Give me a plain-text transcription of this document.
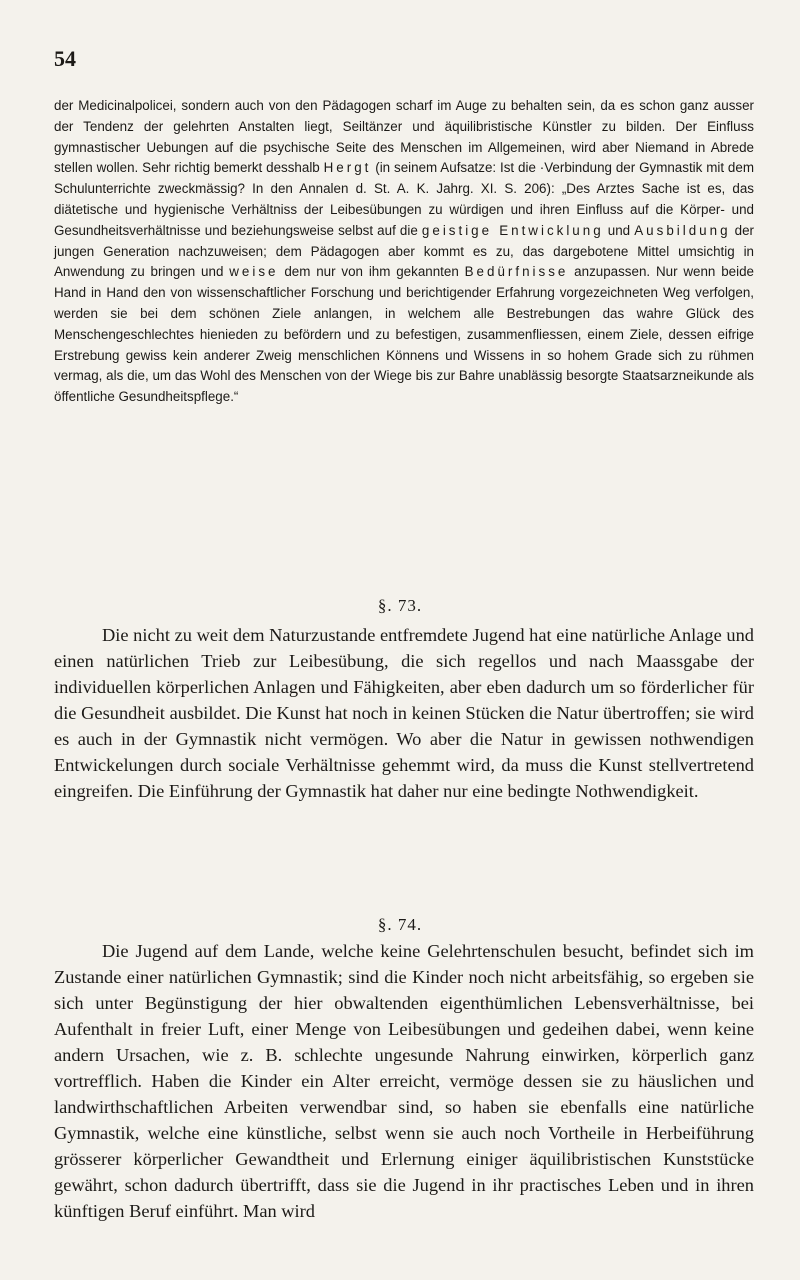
54
der Medicinalpolicei, sondern auch von den Pädagogen scharf im Auge zu behalten sein, da es schon ganz ausser der Tendenz der gelehrten Anstalten liegt, Seiltänzer und äquilibristische Künstler zu bilden. Der Einfluss gymnastischer Uebungen auf die psychische Seite des Menschen im Allgemeinen, wird aber Niemand in Abrede stellen wollen. Sehr richtig bemerkt desshalb Hergt (in seinem Aufsatze: Ist die ·Verbindung der Gymnastik mit dem Schulunterrichte zweckmässig? In den Annalen d. St. A. K. Jahrg. XI. S. 206): „Des Arztes Sache ist es, das diätetische und hygienische Verhältniss der Leibesübungen zu würdigen und ihren Einfluss auf die Körper- und Gesundheitsverhältnisse und beziehungsweise selbst auf die geistige Entwicklung und Ausbildung der jungen Generation nachzuweisen; dem Pädagogen aber kommt es zu, das dargebotene Mittel umsichtig in Anwendung zu bringen und weise dem nur von ihm gekannten Bedürfnisse anzupassen. Nur wenn beide Hand in Hand den von wissenschaftlicher Forschung und berichtigender Erfahrung vorgezeichneten Weg verfolgen, werden sie bei dem schönen Ziele anlangen, in welchem alle Bestrebungen das wahre Glück des Menschengeschlechtes hienieden zu befördern und zu befestigen, zusammenfliessen, einem Ziele, dessen eifrige Erstrebung gewiss kein anderer Zweig menschlichen Könnens und Wissens in so hohem Grade sich zu rühmen vermag, als die, um das Wohl des Menschen von der Wiege bis zur Bahre unablässig besorgte Staatsarzneikunde als öffentliche Gesundheitspflege.“
§. 73.

Die nicht zu weit dem Naturzustande entfremdete Jugend hat eine natürliche Anlage und einen natürlichen Trieb zur Leibesübung, die sich regellos und nach Maassgabe der individuellen körperlichen Anlagen und Fähigkeiten, aber eben dadurch um so förderlicher für die Gesundheit ausbildet. Die Kunst hat noch in keinen Stücken die Natur übertroffen; sie wird es auch in der Gymnastik nicht vermögen. Wo aber die Natur in gewissen nothwendigen Entwickelungen durch sociale Verhältnisse gehemmt wird, da muss die Kunst stellvertretend eingreifen. Die Einführung der Gymnastik hat daher nur eine bedingte Nothwendigkeit.

§. 74.

Die Jugend auf dem Lande, welche keine Gelehrtenschulen besucht, befindet sich im Zustande einer natürlichen Gymnastik; sind die Kinder noch nicht arbeitsfähig, so ergeben sie sich unter Begünstigung der hier obwaltenden eigenthümlichen Lebensverhältnisse, bei Aufenthalt in freier Luft, einer Menge von Leibesübungen und gedeihen dabei, wenn keine andern Ursachen, wie z. B. schlechte ungesunde Nahrung einwirken, körperlich ganz vortrefflich. Haben die Kinder ein Alter erreicht, vermöge dessen sie zu häuslichen und landwirthschaftlichen Arbeiten verwendbar sind, so haben sie ebenfalls eine natürliche Gymnastik, welche eine künstliche, selbst wenn sie auch noch Vortheile in Herbeiführung grösserer körperlicher Gewandtheit und Erlernung einiger äquilibristischen Kunststücke gewährt, schon dadurch übertrifft, dass sie die Jugend in ihr practisches Leben und in ihren künftigen Beruf einführt. Man wird
